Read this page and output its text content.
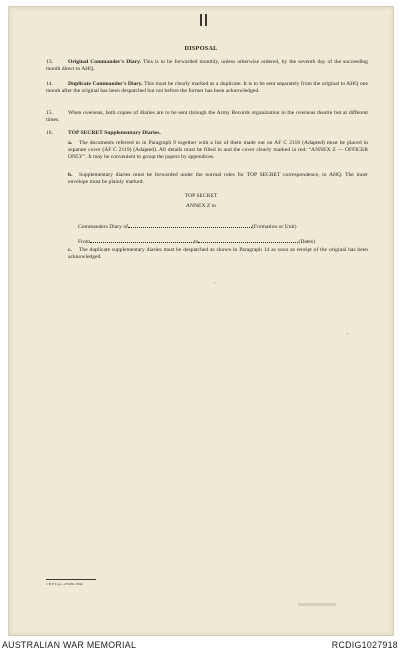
DISPOSAL
13.	Original Commander's Diary. This is to be forwarded monthly, unless otherwise ordered, by the seventh day of the succeeding month direct to AHQ.
14.	Duplicate Commander's Diary. This must be clearly marked as a duplicate. It is to be sent separately from the original to AHQ one month after the original has been despatched but not before the former has been acknowledged.
15.	When overseas, both copies of diaries are to be sent through the Army Records organization in the overseas theatre but at different times.
16.	TOP SECRET Supplementary Diaries.
a. The documents referred to in Paragraph 9 together with a list of them made out on AF C 2118 (Adapted) must be placed in separate cover (AF C 2119) (Adapted). All details must be filled in and the cover clearly marked in red: “ANNEX Z — OFFICER ONLY”. It may be convenient to group the papers by appendices.
b. Supplementary diaries must be forwarded under the normal rules for TOP SECRET correspondence, to AHQ. The inner envelope must be plainly marked:
TOP SECRET
ANNEX Z to
Commanders Diary of	(Formation or Unit)
From	to	(Dates)
c. The duplicate supplementary diaries must be despatched as shown in Paragraph 14 as soon as receipt of the original has been acknowledged.
′
′
1 B P Cop—274/65–50m
AUSTRALIAN WAR MEMORIAL	RCDIG1027918
